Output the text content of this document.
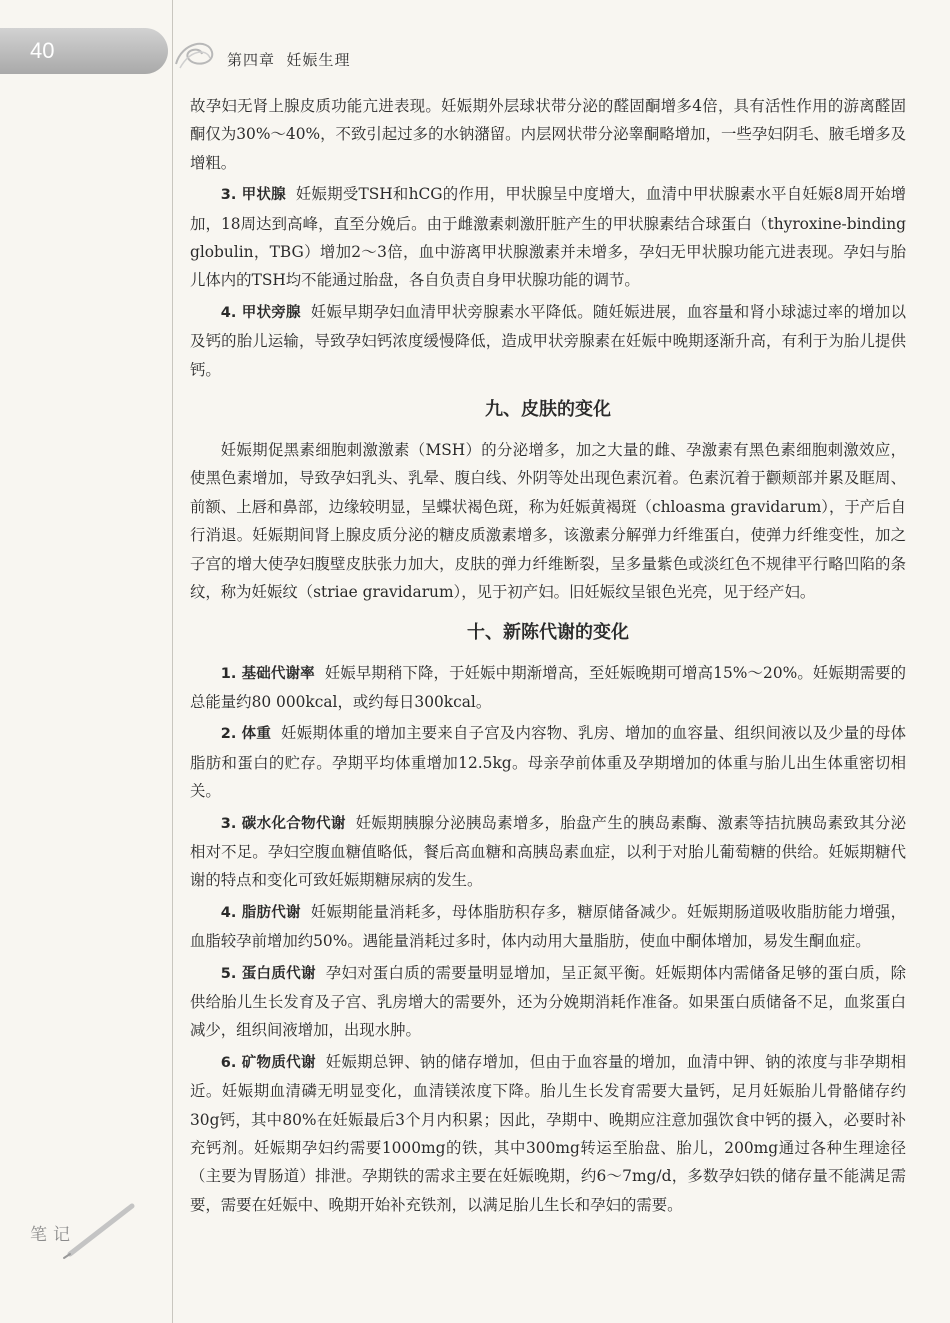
40	第四章  妊娠生理

故孕妇无肾上腺皮质功能亢进表现。妊娠期外层球状带分泌的醛固酮增多4倍，具有活性作用的游离醛固酮仅为30%～40%，不致引起过多的水钠潴留。内层网状带分泌睾酮略增加，一些孕妇阴毛、腋毛增多及增粗。

3. 甲状腺 妊娠期受TSH和hCG的作用，甲状腺呈中度增大，血清中甲状腺素水平自妊娠8周开始增加，18周达到高峰，直至分娩后。由于雌激素刺激肝脏产生的甲状腺素结合球蛋白（thyroxine-binding globulin，TBG）增加2～3倍，血中游离甲状腺激素并未增多，孕妇无甲状腺功能亢进表现。孕妇与胎儿体内的TSH均不能通过胎盘，各自负责自身甲状腺功能的调节。

4. 甲状旁腺 妊娠早期孕妇血清甲状旁腺素水平降低。随妊娠进展，血容量和肾小球滤过率的增加以及钙的胎儿运输，导致孕妇钙浓度缓慢降低，造成甲状旁腺素在妊娠中晚期逐渐升高，有利于为胎儿提供钙。

九、皮肤的变化

妊娠期促黑素细胞刺激激素（MSH）的分泌增多，加之大量的雌、孕激素有黑色素细胞刺激效应，使黑色素增加，导致孕妇乳头、乳晕、腹白线、外阴等处出现色素沉着。色素沉着于颧颊部并累及眶周、前额、上唇和鼻部，边缘较明显，呈蝶状褐色斑，称为妊娠黄褐斑（chloasma gravidarum），于产后自行消退。妊娠期间肾上腺皮质分泌的糖皮质激素增多，该激素分解弹力纤维蛋白，使弹力纤维变性，加之子宫的增大使孕妇腹壁皮肤张力加大，皮肤的弹力纤维断裂，呈多量紫色或淡红色不规律平行略凹陷的条纹，称为妊娠纹（striae gravidarum），见于初产妇。旧妊娠纹呈银色光亮，见于经产妇。

十、新陈代谢的变化

1. 基础代谢率 妊娠早期稍下降，于妊娠中期渐增高，至妊娠晚期可增高15%～20%。妊娠期需要的总能量约80 000kcal，或约每日300kcal。

2. 体重 妊娠期体重的增加主要来自子宫及内容物、乳房、增加的血容量、组织间液以及少量的母体脂肪和蛋白的贮存。孕期平均体重增加12.5kg。母亲孕前体重及孕期增加的体重与胎儿出生体重密切相关。

3. 碳水化合物代谢 妊娠期胰腺分泌胰岛素增多，胎盘产生的胰岛素酶、激素等拮抗胰岛素致其分泌相对不足。孕妇空腹血糖值略低，餐后高血糖和高胰岛素血症，以利于对胎儿葡萄糖的供给。妊娠期糖代谢的特点和变化可致妊娠期糖尿病的发生。

4. 脂肪代谢 妊娠期能量消耗多，母体脂肪积存多，糖原储备减少。妊娠期肠道吸收脂肪能力增强，血脂较孕前增加约50%。遇能量消耗过多时，体内动用大量脂肪，使血中酮体增加，易发生酮血症。

5. 蛋白质代谢 孕妇对蛋白质的需要量明显增加，呈正氮平衡。妊娠期体内需储备足够的蛋白质，除供给胎儿生长发育及子宫、乳房增大的需要外，还为分娩期消耗作准备。如果蛋白质储备不足，血浆蛋白减少，组织间液增加，出现水肿。

6. 矿物质代谢 妊娠期总钾、钠的储存增加，但由于血容量的增加，血清中钾、钠的浓度与非孕期相近。妊娠期血清磷无明显变化，血清镁浓度下降。胎儿生长发育需要大量钙，足月妊娠胎儿骨骼储存约30g钙，其中80%在妊娠最后3个月内积累；因此，孕期中、晚期应注意加强饮食中钙的摄入，必要时补充钙剂。妊娠期孕妇约需要1000mg的铁，其中300mg转运至胎盘、胎儿，200mg通过各种生理途径（主要为胃肠道）排泄。孕期铁的需求主要在妊娠晚期，约6～7mg/d，多数孕妇铁的储存量不能满足需要，需要在妊娠中、晚期开始补充铁剂，以满足胎儿生长和孕妇的需要。

笔记
